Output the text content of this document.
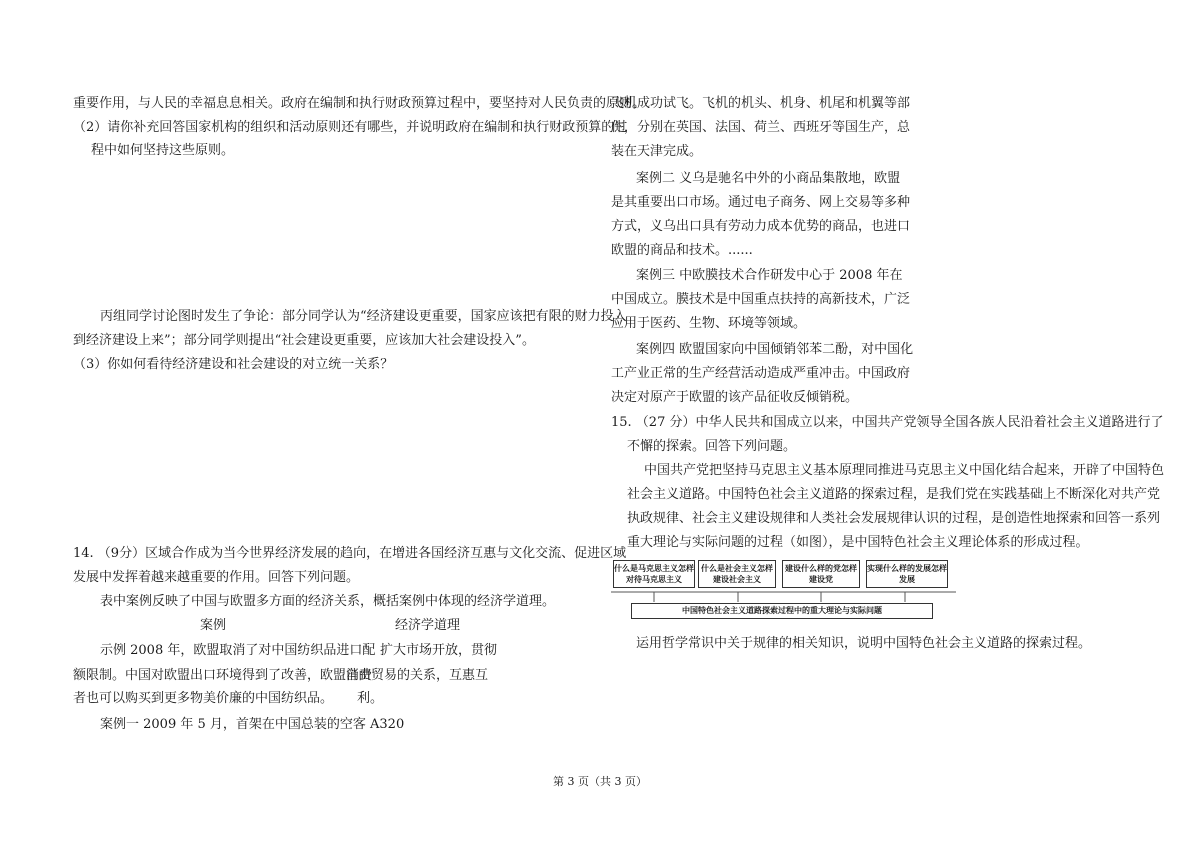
重要作用，与人民的幸福息息相关。政府在编制和执行财政预算过程中，要坚持对人民负责的原则。
（2）请你补充回答国家机构的组织和活动原则还有哪些，并说明政府在编制和执行财政预算的过
程中如何坚持这些原则。
丙组同学讨论图时发生了争论：部分同学认为“经济建设更重要，国家应该把有限的财力投入
到经济建设上来”；部分同学则提出“社会建设更重要，应该加大社会建设投入”。
（3）你如何看待经济建设和社会建设的对立统一关系？
14. （9分）区域合作成为当今世界经济发展的趋向，在增进各国经济互惠与文化交流、促进区域
发展中发挥着越来越重要的作用。回答下列问题。
表中案例反映了中国与欧盟多方面的经济关系，概括案例中体现的经济学道理。
案例	经济学道理
示例 2008 年，欧盟取消了对中国纺织品进口配 扩大市场开放，贯彻
额限制。中国对欧盟出口环境得到了改善，欧盟消费
自由贸易的关系，互惠互
者也可以购买到更多物美价廉的中国纺织品。 利。
案例一 2009 年 5 月，首架在中国总装的空客 A320
飞机成功试飞。飞机的机头、机身、机尾和机翼等部
件，分别在英国、法国、荷兰、西班牙等国生产，总
装在天津完成。
案例二 义乌是驰名中外的小商品集散地，欧盟
是其重要出口市场。通过电子商务、网上交易等多种
方式，义乌出口具有劳动力成本优势的商品，也进口
欧盟的商品和技术。......
案例三 中欧膜技术合作研发中心于 2008 年在
中国成立。膜技术是中国重点扶持的高新技术，广泛
应用于医药、生物、环境等领域。
案例四 欧盟国家向中国倾销邻苯二酚，对中国化
工产业正常的生产经营活动造成严重冲击。中国政府
决定对原产于欧盟的该产品征收反倾销税。
15. （27 分）中华人民共和国成立以来，中国共产党领导全国各族人民沿着社会主义道路进行了
不懈的探索。回答下列问题。
中国共产党把坚持马克思主义基本原理同推进马克思主义中国化结合起来，开辟了中国特色
社会主义道路。中国特色社会主义道路的探索过程，是我们党在实践基础上不断深化对共产党
执政规律、社会主义建设规律和人类社会发展规律认识的过程，是创造性地探索和回答一系列
重大理论与实际问题的过程（如图），是中国特色社会主义理论体系的形成过程。
什么是马克思主义怎样对待马克思主义
什么是社会主义怎样建设社会主义
建设什么样的党怎样建设党
实现什么样的发展怎样发展
中国特色社会主义道路探索过程中的重大理论与实际问题
运用哲学常识中关于规律的相关知识，说明中国特色社会主义道路的探索过程。
第 3 页（共 3 页）
